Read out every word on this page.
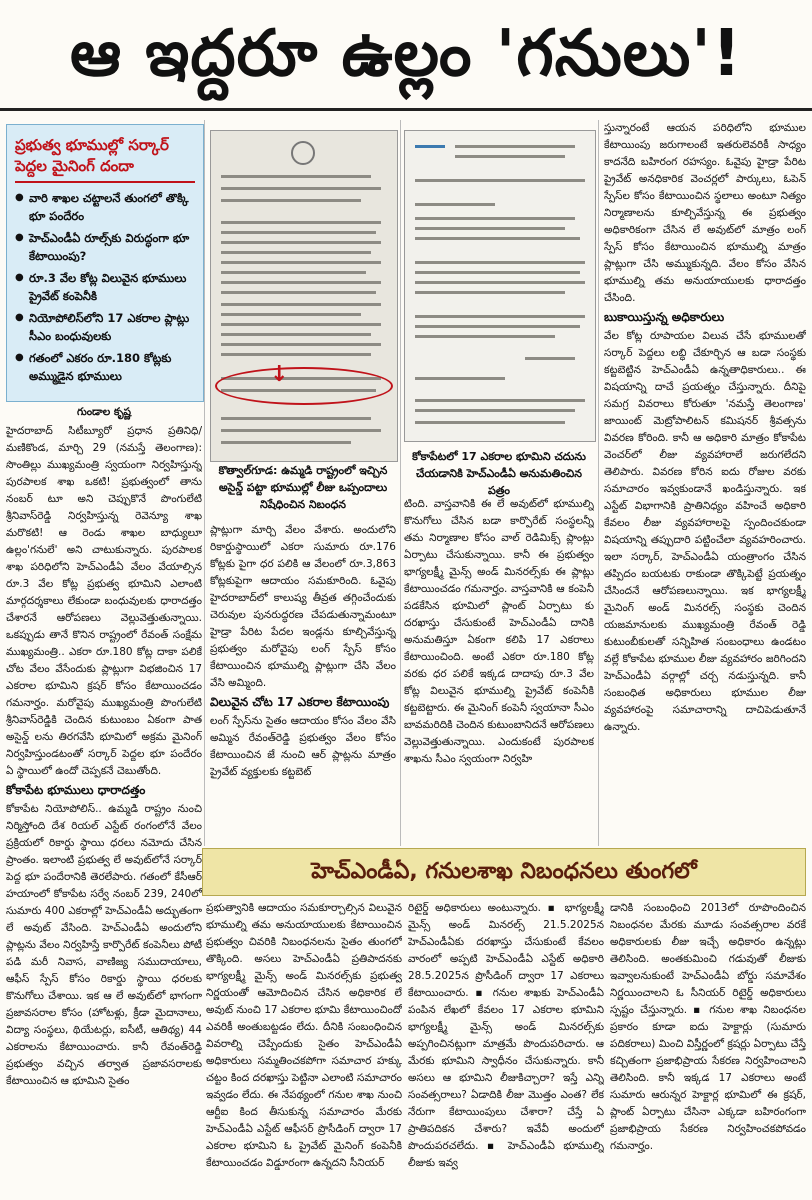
ఆ ఇద్దరూ ఉల్లం 'గనులు'!
ప్రభుత్వ భూముల్లో సర్కార్ పెద్దల మైనింగ్ దందా
● వారి శాఖల చట్టాలనే తుంగలో తొక్కి భూ పందేరం
● హెచ్‌ఎండీఏ రూల్స్‌కు విరుద్ధంగా భూ కేటాయింపు?
● రూ.3 వేల కోట్ల విలువైన భూములు ప్రైవేట్ కంపెనీకి
● నియోపోలిస్‌లోని 17 ఎకరాల ప్లాట్లు సీఎం బంధువులకు
● గతంలో ఎకరం రూ.180 కోట్లకు అమ్ముడైన భూములు

గుండాల కృష్ణ

హైదరాబాద్ సిటీబ్యూరో ప్రధాన ప్రతినిధి/మణికొండ, మార్చి 29 (నమస్తే తెలంగాణ): సొంతిల్లు ముఖ్యమంత్రి స్వయంగా నిర్వహిస్తున్న పురపాలక శాఖ ఒకటి! ప్రభుత్వంలో తాను నంబర్ టూ అని చెప్పుకొనే పొంగులేటి శ్రీనివాస్‌రెడ్డి నిర్వహిస్తున్న రెవెన్యూ శాఖ మరొకటి! ఆ రెండు శాఖల బాధ్యులూ ఉల్లం'గనులే' అని చాటుకున్నారు. పురపాలక శాఖ పరిధిలోని హెచ్‌ఎండీఏ వేలం వేయాల్సిన రూ.3 వేల కోట్ల ప్రభుత్వ భూమిని ఎలాంటి మార్గదర్శకాలు లేకుండా బంధువులకు ధారాదత్తం చేశారనే ఆరోపణలు వెల్లువెత్తుతున్నాయి. ఒకప్పుడు తానే కొనిన రాష్ట్రంలో రేవంత్ సంక్షేమ ముఖ్యమంత్రి.. ఎకరా రూ.180 కోట్ల దాకా పలికే చోట వేలం వేసేందుకు ప్లాట్లుగా విభజించిన 17 ఎకరాల భూమిని క్రషర్ కోసం కేటాయించడం గమనార్హం. మరోవైపు ముఖ్యమంత్రి పొంగులేటి శ్రీనివాస్‌రెడ్డికి చెందిన కుటుంబం ఏకంగా పాత అసైన్డ్ లను తిరగవేసి భూమిలో అక్రమ మైనింగ్ నిర్వహిస్తుండటంతో సర్కార్ పెద్దల భూ పందేరం ఏ స్థాయిలో ఉందో చెప్పకనే చెబుతోంది.

కోకాపేట భూములు ధారాదత్తం

కోకాపేట నియోపోలిస్.. ఉమ్మడి రాష్ట్రం నుంచి నిర్మిస్తోంది దేశ రియల్ ఎస్టేట్ రంగంలోనే వేలం ప్రక్రియలో రికార్డు స్థాయి ధరలు నమోదు చేసిన ప్రాంతం. ఇలాంటి ప్రభుత్వ లే అవుట్‌లోనే సర్కార్ పెద్ద భూ పందేరానికి తెరలేపారు. గతంలో కేసీఆర్ హయాంలో కోకాపేట సర్వే నంబర్ 239, 240లో సుమారు 400 ఎకరాల్లో హెచ్‌ఎండీఏ అద్భుతంగా లే అవుట్ వేసింది. హెచ్‌ఎండీఏ అందులోని ప్లాట్లను వేలం నిర్వహిస్తే కార్పొరేట్ కంపెనీలు పోటీ పడి మరీ నివాస, వాణిజ్య సముదాయాలు, ఆఫీస్ స్పేస్ కోసం రికార్డు స్థాయి ధరలకు కొనుగోలు చేశాయి. ఇక ఆ లే అవుట్‌లో భాగంగా ప్రజావసరాల కోసం (హోటళ్లు, క్రీడా మైదానాలు, విద్యా సంస్థలు, థియేటర్లు, ఐసీటీ, ఆతిథ్య) 44 ఎకరాలను కేటాయించారు. కానీ రేవంత్‌రెడ్డి ప్రభుత్వం వచ్చిన తర్వాత ప్రజావసరాలకు కేటాయించిన ఆ భూమిని సైతం

↓
కొత్వాల్‌గూడ: ఉమ్మడి రాష్ట్రంలో ఇచ్చిన అసైన్డ్ పట్టా భూముల్లో లీజు ఒప్పందాలు నిషేధించిన నిబంధన
కోకాపేటలో 17 ఎకరాల భూమిని చదును చేయడానికి హెచ్‌ఎండీఏ అనుమతించిన పత్రం

ప్లాట్లుగా మార్చి వేలం వేశారు. అందులోని రికార్డుస్థాయిలో ఎకరా సుమారు రూ.176 కోట్లకు పైగా ధర పలికి ఆ వేలంలో రూ.3,863 కోట్లకుపైగా ఆదాయం సమకూరింది. ఓవైపు హైదరాబాద్‌లో కాలుష్య తీవ్రత తగ్గించేందుకు చెరువుల పునరుద్ధరణ చేపడుతున్నామంటూ హైడ్రా పేరిట పేదల ఇండ్లను కూల్చివేస్తున్న ప్రభుత్వం మరోవైపు లంగ్ స్పేస్ కోసం కేటాయించిన భూముల్ని ప్లాట్లుగా చేసి వేలం వేసి అమ్మింది.

విలువైన చోట 17 ఎకరాల కేటాయింపు

లంగ్ స్పేస్‌ను సైతం ఆదాయం కోసం వేలం వేసి అమ్మిన రేవంత్‌రెడ్డి ప్రభుత్వం వేలం కోసం కేటాయించిన జే నుంచి ఆర్ ప్లాట్లను మాత్రం ప్రైవేట్ వ్యక్తులకు కట్టబెట్

టింది. వాస్తవానికి ఈ లే అవుట్‌లో భూముల్ని కొనుగోలు చేసిన బడా కార్పొరేట్ సంస్థలన్నీ తమ నిర్మాణాల కోసం వాల్ రెడిమిక్స్ ప్లాంట్లు ఏర్పాటు చేసుకున్నాయి. కానీ ఈ ప్రభుత్వం భాగ్యలక్ష్మీ మైన్స్ అండ్ మినరల్స్‌కు ఈ ప్లాట్లు కేటాయించడం గమనార్హం. వాస్తవానికి ఆ కంపెనీ పడకేసిన భూమిలో ప్లాంట్ ఏర్పాటు కు దరఖాస్తు చేసుకుంటే హెచ్‌ఎండీఏ దానికి అనుమతిస్తూ ఏకంగా కలిపి 17 ఎకరాలు కేటాయించింది. అంటే ఎకరా రూ.180 కోట్ల వరకు ధర పలికే ఇక్కడ దాదాపు రూ.3 వేల కోట్ల విలువైన భూముల్ని ప్రైవేట్ కంపెనీకి కట్టబెట్టారు. ఈ మైనింగ్ కంపెనీ స్వయానా సీఎం బావమరిదికి చెందిన కుటుంబానిదనే ఆరోపణలు వెల్లువెత్తుతున్నాయి. ఎందుకంటే పురపాలక శాఖను సీఎం స్వయంగా నిర్వహి

స్తున్నారంటే ఆయన పరిధిలోని భూముల కేటాయింపు జరుగాలంటే ఇతరులెవరికీ సాధ్యం కాదనేది బహిరంగ రహస్యం. ఓవైపు హైడ్రా పేరిట ప్రైవేట్ అనధికారిక వెంచర్లలో పార్కులు, ఓపెన్ స్పేస్‌ల కోసం కేటాయించిన స్థలాలు అంటూ నిత్యం నిర్మాణాలను కూల్చివేస్తున్న ఈ ప్రభుత్వం అధికారికంగా చేసిన లే అవుట్‌లో మాత్రం లంగ్ స్పేస్ కోసం కేటాయించిన భూముల్ని మాత్రం ప్లాట్లుగా చేసి అమ్ముకున్నది. వేలం కోసం వేసిన భూముల్ని తమ అనుయాయులకు ధారాదత్తం చేసింది.

బుకాయిస్తున్న అధికారులు

వేల కోట్ల రూపాయల విలువ చేసే భూములతో సర్కార్ పెద్దలు లబ్ధి చేకూర్చిన ఆ బడా సంస్థకు కట్టబెట్టిన హెచ్‌ఎండీఏ ఉన్నతాధికారులు.. ఈ విషయాన్ని దాచే ప్రయత్నం చేస్తున్నారు. దీనిపై సమగ్ర వివరాలు కోరుతూ 'నమస్తే తెలంగాణ' జాయింట్ మెట్రోపాలిటన్ కమిషనర్ శ్రీవత్సను వివరణ కోరింది. కానీ ఆ అధికారి మాత్రం కోకాపేట వెంచర్‌లో లీజు వ్యవహారాలే జరుగలేదని తెలిపారు. వివరణ కోరిన ఐదు రోజుల వరకు సమాచారం ఇవ్వకుండానే ఖండిస్తున్నారు. ఇక ఎస్టేట్ విభాగానికి ప్రాతినిధ్యం వహించే అధికారి కేవలం లీజు వ్యవహారాలపై స్పందించకుండా విషయాన్ని తప్పుదారి పట్టించేలా వ్యవహరించారు. ఇలా సర్కార్, హెచ్‌ఎండీఏ యంత్రాంగం చేసిన తప్పిదం బయటకు రాకుండా తొక్కిపెట్టే ప్రయత్నం చేసిందనే ఆరోపణలున్నాయి. ఇక భాగ్యలక్ష్మీ మైనింగ్ అండ్ మినరల్స్ సంస్థకు చెందిన యజమానులకు ముఖ్యమంత్రి రేవంత్ రెడ్డి కుటుంబీకులతో సన్నిహిత సంబంధాలు ఉండటం వల్లే కోకాపేట భూముల లీజు వ్యవహారం జరిగిందని హెచ్‌ఎండీఏ వర్గాల్లో చర్చ నడుస్తున్నది. కానీ సంబంధిత అధికారులు భూముల లీజు వ్యవహారంపై సమాచారాన్ని దాచిపెడుతూనే ఉన్నారు.

హెచ్ఎండీఏ, గనులశాఖ నిబంధనలు తుంగలో

ప్రభుత్వానికి ఆదాయం సమకూర్చాల్సిన విలువైన భూముల్ని తమ అనుయాయులకు కేటాయించిన ప్రభుత్వం చివరికి నిబంధనలను సైతం తుంగలో తొక్కింది. అసలు హెచ్‌ఎండీఏ ప్రతిపాదనకు భాగ్యలక్ష్మీ మైన్స్ అండ్ మినరల్స్‌కు ప్రభుత్వ నిర్ణయంతో ఆమోదించిన చేసిన అధికారిక లే అవుట్ నుంచి 17 ఎకరాల భూమి కేటాయించిందో ఎవరికీ అంతుబట్టడం లేదు. దీనికి సంబంధించిన వివరాల్ని చెప్పేందుకు సైతం హెచ్‌ఎండీఏ అధికారులు సమ్మతించకపోగా సమాచార హక్కు చట్టం కింద దరఖాస్తు పెట్టినా ఎలాంటి సమాచారం ఇవ్వడం లేదు. ఈ నేపథ్యంలో గనుల శాఖ నుంచి ఆర్టీఐ కింద తీసుకున్న సమాచారం మేరకు హెచ్‌ఎండీఏ ఎస్టేట్ ఆఫీసర్ ప్రొసీడింగ్ ద్వారా 17 ఎకరాల భూమిని ఓ ప్రైవేట్ మైనింగ్ కంపెనీకి కేటాయించడం విడ్డూరంగా ఉన్నదని సీనియర్

రిటైర్డ్ అధికారులు అంటున్నారు. ▪ భాగ్యలక్ష్మీ మైన్స్ అండ్ మినరల్స్ 21.5.2025న హెచ్‌ఎండీఏకు దరఖాస్తు చేసుకుంటే కేవలం వారంలో అప్పటి హెచ్‌ఎండీఏ ఎస్టేట్ అధికారి 28.5.2025న ప్రొసీడింగ్ ద్వారా 17 ఎకరాలు కేటాయించారు. ▪ గనుల శాఖకు హెచ్‌ఎండీఏ పంపిన లేఖలో కేవలం 17 ఎకరాల భూమిని భాగ్యలక్ష్మీ మైన్స్ అండ్ మినరల్స్‌కు అప్పగించినట్లుగా మాత్రమే పొందుపరిచారు. ఆ మేరకు భూమిని స్వాధీనం చేసుకున్నారు. కానీ అసలు ఆ భూమిని లీజుకిచ్చారా? ఇస్తే ఎన్ని సంవత్సరాలు? ఏడాదికి లీజు మొత్తం ఎంత? లేక నేరుగా కేటాయింపులు చేశారా? చేస్తే ఏ ప్రాతిపదికన చేశారు? ఇవేవీ అందులో పొందుపరచలేదు. ▪ హెచ్‌ఎండీఏ భూముల్ని లీజుకు ఇవ్వ

డానికి సంబంధించి 2013లో రూపొందించిన నిబంధనల మేరకు మూడు సంవత్సరాల వరకే అధికారులకు లీజు ఇచ్చే అధికారం ఉన్నట్లు తెలిసింది. అంతకుమించి గడువుతో లీజుకు ఇవ్వాలనుకుంటే హెచ్‌ఎండీఏ బోర్డు సమావేశం నిర్ణయించాలని ఓ సీనియర్ రిటైర్డ్ అధికారులు స్పష్టం చేస్తున్నారు. ▪ గనుల శాఖ నిబంధనల ప్రకారం కూడా ఐదు హెక్టార్లు (సుమారు పదికరాలు) మించి విస్తీర్ణంలో క్రషర్లు ఏర్పాటు చేస్తే కచ్చితంగా ప్రజాభిప్రాయ సేకరణ నిర్వహించాలని తెలిసింది. కానీ ఇక్కడ 17 ఎకరాలు అంటే సుమారు ఆరున్నర హెక్టార్ల భూమిలో ఈ క్రషర్, ప్లాంట్ ఏర్పాటు చేసినా ఎక్కడా బహిరంగంగా ప్రజాభిప్రాయ సేకరణ నిర్వహించకపోవడం గమనార్హం.
